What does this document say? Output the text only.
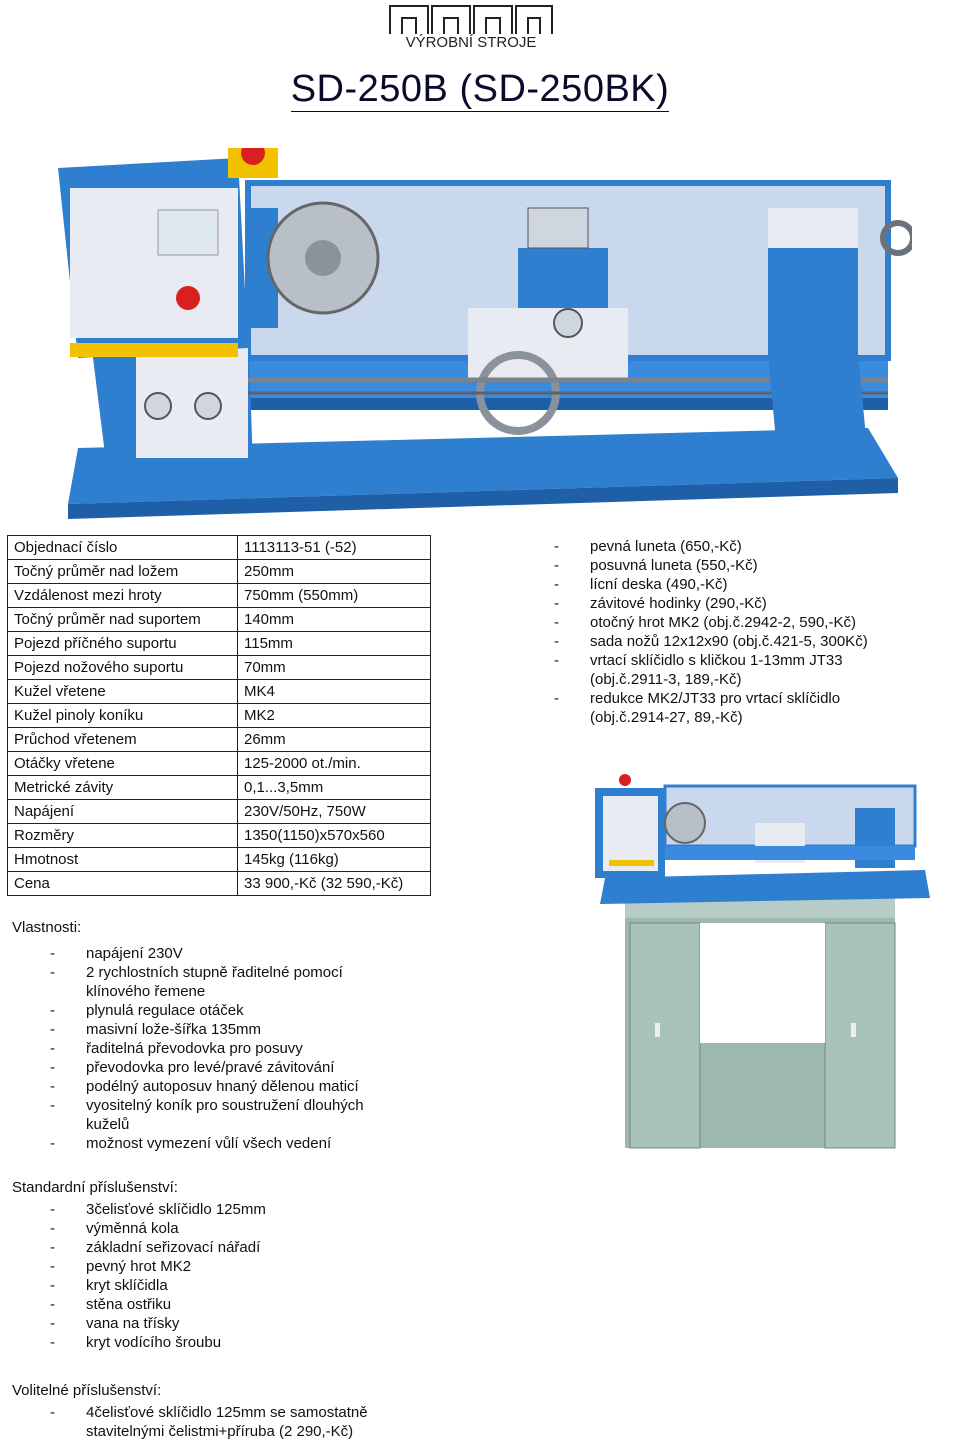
VÝROBNÍ STROJE
SD-250B (SD-250BK)
Objednací číslo	1113113-51 (-52)
Točný průměr nad ložem	250mm
Vzdálenost mezi hroty	750mm (550mm)
Točný průměr nad suportem	140mm
Pojezd příčného suportu	115mm
Pojezd nožového suportu	70mm
Kužel vřetene	MK4
Kužel pinoly koníku	MK2
Průchod vřetenem	26mm
Otáčky vřetene	125-2000 ot./min.
Metrické závity	0,1...3,5mm
Napájení	230V/50Hz, 750W
Rozměry	1350(1150)x570x560
Hmotnost	145kg (116kg)
Cena	33 900,-Kč (32 590,-Kč)
- pevná luneta (650,-Kč)
- posuvná luneta (550,-Kč)
- lícní deska (490,-Kč)
- závitové hodinky (290,-Kč)
- otočný hrot MK2 (obj.č.2942-2, 590,-Kč)
- sada nožů 12x12x90 (obj.č.421-5, 300Kč)
- vrtací sklíčidlo s kličkou 1-13mm JT33
(obj.č.2911-3, 189,-Kč)
- redukce MK2/JT33 pro vrtací sklíčidlo
(obj.č.2914-27, 89,-Kč)
Vlastnosti:
- napájení 230V
- 2 rychlostních stupně řaditelné pomocí
klínového řemene
- plynulá regulace otáček
- masivní lože-šířka 135mm
- řaditelná převodovka pro posuvy
- převodovka pro levé/pravé závitování
- podélný autoposuv hnaný dělenou maticí
- vyositelný koník pro soustružení dlouhých
kuželů
- možnost vymezení vůlí všech vedení
Standardní příslušenství:
- 3čelisťové sklíčidlo 125mm
- výměnná kola
- základní seřizovací nářadí
- pevný hrot MK2
- kryt sklíčidla
- stěna ostřiku
- vana na třísky
- kryt vodícího šroubu
Volitelné příslušenství:
- 4čelisťové sklíčidlo 125mm se samostatně
stavitelnými čelistmi+příruba (2 290,-Kč)
